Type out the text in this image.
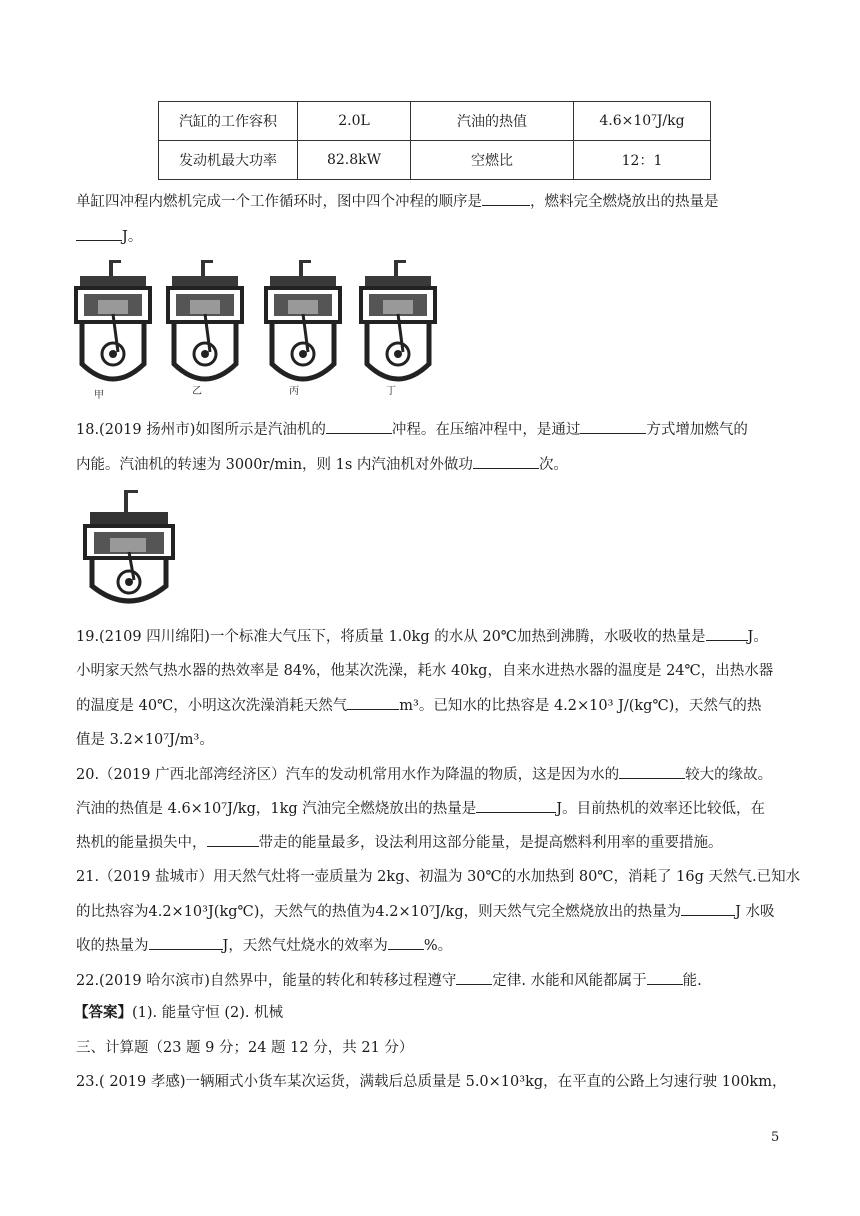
汽缸的工作容积	2.0L	汽油的热值	4.6×10⁷J/kg
发动机最大功率	82.8kW	空燃比	12：1
单缸四冲程内燃机完成一个工作循环时，图中四个冲程的顺序是	，燃料完全燃烧放出的热量是
J。
甲	乙	丙	丁
18.(2019 扬州市)如图所示是汽油机的	冲程。在压缩冲程中，是通过	方式增加燃气的
内能。汽油机的转速为 3000r/min，则 1s 内汽油机对外做功	次。
19.(2109 四川绵阳)一个标准大气压下，将质量 1.0kg 的水从 20℃加热到沸腾，水吸收的热量是	J。
小明家天然气热水器的热效率是 84%，他某次洗澡，耗水 40kg，自来水进热水器的温度是 24℃，出热水器
的温度是 40℃，小明这次洗澡消耗天然气	m³。已知水的比热容是 4.2×10³ J/(kg℃)，天然气的热
值是 3.2×10⁷J/m³。
20.（2019 广西北部湾经济区）汽车的发动机常用水作为降温的物质，这是因为水的	较大的缘故。
汽油的热值是 4.6×10⁷J/kg，1kg 汽油完全燃烧放出的热量是	J。目前热机的效率还比较低，在
热机的能量损失中，	带走的能量最多，设法利用这部分能量，是提高燃料利用率的重要措施。
21.（2019 盐城市）用天然气灶将一壶质量为 2kg、初温为 30℃的水加热到 80℃，消耗了 16g 天然气.已知水
的比热容为4.2×10³J(kg℃)，天然气的热值为4.2×10⁷J/kg，则天然气完全燃烧放出的热量为	J 水吸
收的热量为	J，天然气灶烧水的效率为 %。
22.(2019 哈尔滨市)自然界中，能量的转化和转移过程遵守 定律. 水能和风能都属于 能.
【答案】(1). 能量守恒 (2). 机械
三、计算题（23 题 9 分；24 题 12 分，共 21 分）
23.( 2019 孝感)一辆厢式小货车某次运货，满载后总质量是 5.0×10³kg，在平直的公路上匀速行驶 100km，
5
